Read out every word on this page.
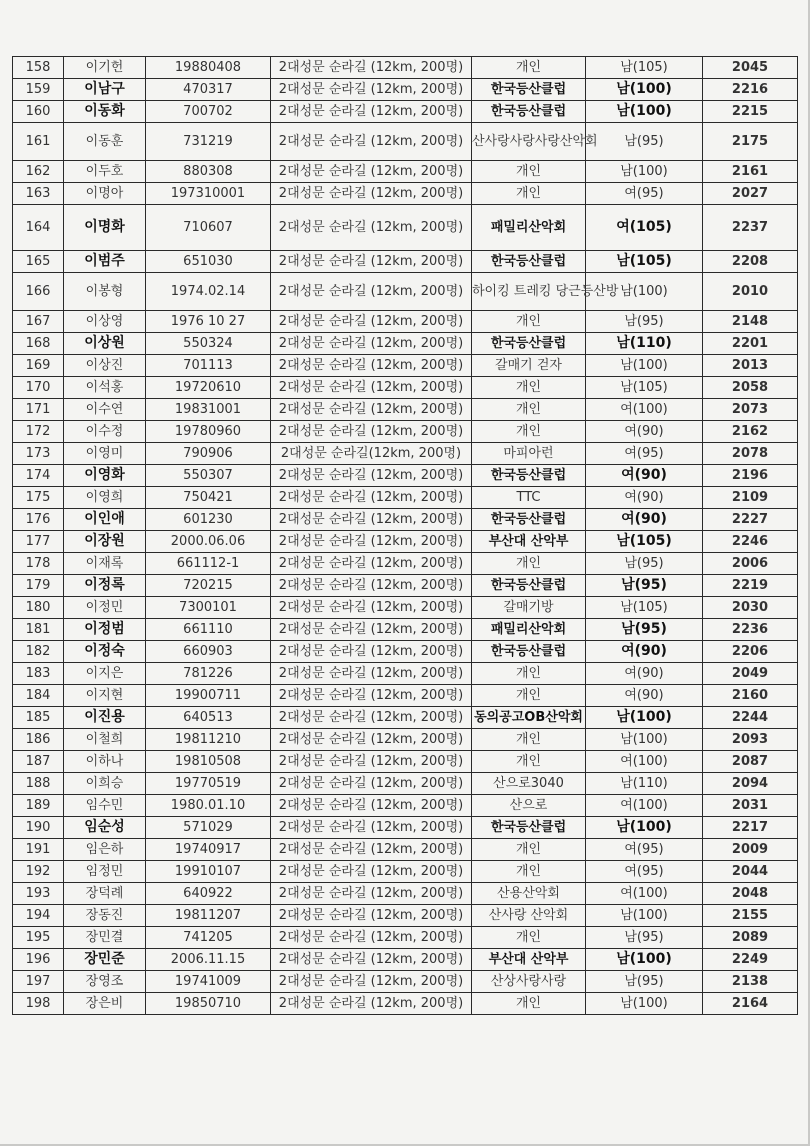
158	이기헌	19880408	2대성문 순라길 (12km, 200명)	개인	남(105)	2045
159	이남구	470317	2대성문 순라길 (12km, 200명)	한국등산클럽	남(100)	2216
160	이동화	700702	2대성문 순라길 (12km, 200명)	한국등산클럽	남(100)	2215
161	이동훈	731219	2대성문 순라길 (12km, 200명)	산사랑사랑사랑산악회	남(95)	2175
162	이두호	880308	2대성문 순라길 (12km, 200명)	개인	남(100)	2161
163	이명아	197310001	2대성문 순라길 (12km, 200명)	개인	여(95)	2027
164	이명화	710607	2대성문 순라길 (12km, 200명)	패밀리산악회	여(105)	2237
165	이범주	651030	2대성문 순라길 (12km, 200명)	한국등산클럽	남(105)	2208
166	이봉형	1974.02.14	2대성문 순라길 (12km, 200명)	하이킹 트레킹 당근등산방	남(100)	2010
167	이상영	1976 10 27	2대성문 순라길 (12km, 200명)	개인	남(95)	2148
168	이상원	550324	2대성문 순라길 (12km, 200명)	한국등산클럽	남(110)	2201
169	이상진	701113	2대성문 순라길 (12km, 200명)	갈매기 걷자	남(100)	2013
170	이석홍	19720610	2대성문 순라길 (12km, 200명)	개인	남(105)	2058
171	이수연	19831001	2대성문 순라길 (12km, 200명)	개인	여(100)	2073
172	이수정	19780960	2대성문 순라길 (12km, 200명)	개인	여(90)	2162
173	이영미	790906	2대성문 순라길(12km, 200명)	마피아런	여(95)	2078
174	이영화	550307	2대성문 순라길 (12km, 200명)	한국등산클럽	여(90)	2196
175	이영희	750421	2대성문 순라길 (12km, 200명)	TTC	여(90)	2109
176	이인애	601230	2대성문 순라길 (12km, 200명)	한국등산클럽	여(90)	2227
177	이장원	2000.06.06	2대성문 순라길 (12km, 200명)	부산대 산악부	남(105)	2246
178	이재록	661112-1	2대성문 순라길 (12km, 200명)	개인	남(95)	2006
179	이정록	720215	2대성문 순라길 (12km, 200명)	한국등산클럽	남(95)	2219
180	이정민	7300101	2대성문 순라길 (12km, 200명)	갈매기방	남(105)	2030
181	이정범	661110	2대성문 순라길 (12km, 200명)	패밀리산악회	남(95)	2236
182	이정숙	660903	2대성문 순라길 (12km, 200명)	한국등산클럽	여(90)	2206
183	이지은	781226	2대성문 순라길 (12km, 200명)	개인	여(90)	2049
184	이지현	19900711	2대성문 순라길 (12km, 200명)	개인	여(90)	2160
185	이진용	640513	2대성문 순라길 (12km, 200명)	동의공고OB산악회	남(100)	2244
186	이철희	19811210	2대성문 순라길 (12km, 200명)	개인	남(100)	2093
187	이하나	19810508	2대성문 순라길 (12km, 200명)	개인	여(100)	2087
188	이희승	19770519	2대성문 순라길 (12km, 200명)	산으로3040	남(110)	2094
189	임수민	1980.01.10	2대성문 순라길 (12km, 200명)	산으로	여(100)	2031
190	임순성	571029	2대성문 순라길 (12km, 200명)	한국등산클럽	남(100)	2217
191	임은하	19740917	2대성문 순라길 (12km, 200명)	개인	여(95)	2009
192	임정민	19910107	2대성문 순라길 (12km, 200명)	개인	여(95)	2044
193	장덕례	640922	2대성문 순라길 (12km, 200명)	산용산악회	여(100)	2048
194	장동진	19811207	2대성문 순라길 (12km, 200명)	산사랑 산악회	남(100)	2155
195	장민결	741205	2대성문 순라길 (12km, 200명)	개인	남(95)	2089
196	장민준	2006.11.15	2대성문 순라길 (12km, 200명)	부산대 산악부	남(100)	2249
197	장영조	19741009	2대성문 순라길 (12km, 200명)	산상사랑사랑	남(95)	2138
198	장은비	19850710	2대성문 순라길 (12km, 200명)	개인	남(100)	2164
